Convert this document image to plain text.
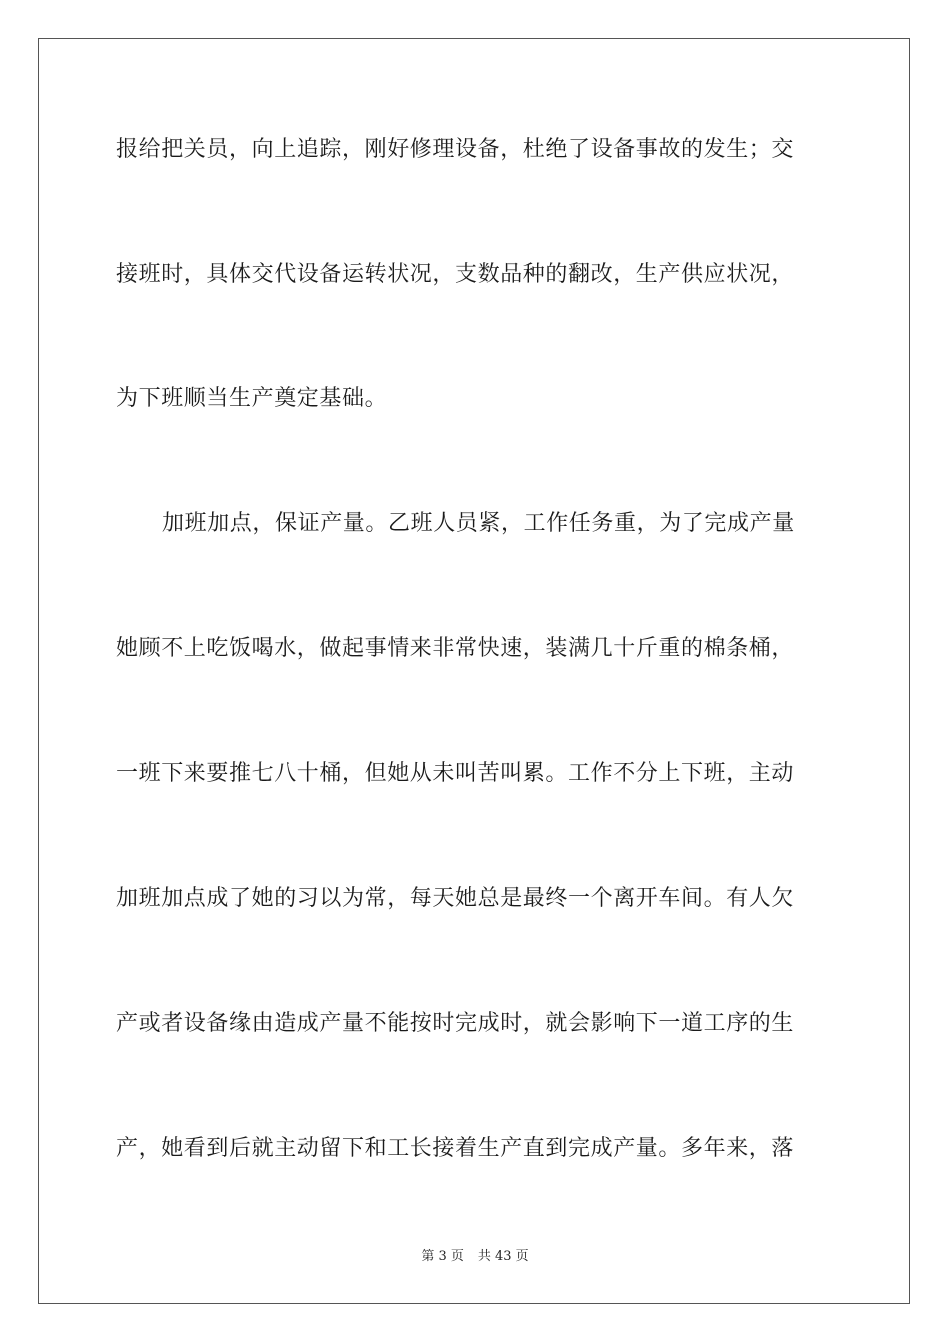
报给把关员，向上追踪，刚好修理设备，杜绝了设备事故的发生；交
接班时，具体交代设备运转状况，支数品种的翻改，生产供应状况，
为下班顺当生产奠定基础。
加班加点，保证产量。乙班人员紧，工作任务重，为了完成产量
她顾不上吃饭喝水，做起事情来非常快速，装满几十斤重的棉条桶，
一班下来要推七八十桶，但她从未叫苦叫累。工作不分上下班，主动
加班加点成了她的习以为常，每天她总是最终一个离开车间。有人欠
产或者设备缘由造成产量不能按时完成时，就会影响下一道工序的生
产，她看到后就主动留下和工长接着生产直到完成产量。多年来，落
第 3 页 共 43 页
